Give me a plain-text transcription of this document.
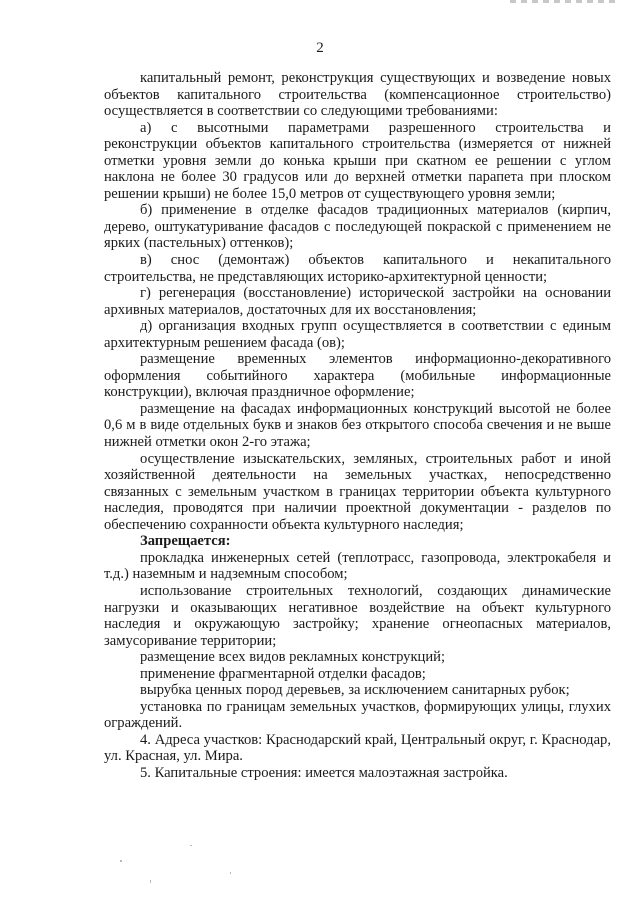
2

капитальный ремонт, реконструкция существующих и возведение новых объектов капитального строительства (компенсационное строительство) осуществляется в соответствии со следующими требованиями:

а) с высотными параметрами разрешенного строительства и реконструкции объектов капитального строительства (измеряется от нижней отметки уровня земли до конька крыши при скатном ее решении с углом наклона не более 30 градусов или до верхней отметки парапета при плоском решении крыши) не более 15,0 метров от существующего уровня земли;

б) применение в отделке фасадов традиционных материалов (кирпич, дерево, оштукатуривание фасадов с последующей покраской с применением не ярких (пастельных) оттенков);

в) снос (демонтаж) объектов капитального и некапитального строительства, не представляющих историко-архитектурной ценности;

г) регенерация (восстановление) исторической застройки на основании архивных материалов, достаточных для их восстановления;

д) организация входных групп осуществляется в соответствии с единым архитектурным решением фасада (ов);

размещение временных элементов информационно-декоративного оформления событийного характера (мобильные информационные конструкции), включая праздничное оформление;

размещение на фасадах информационных конструкций высотой не более 0,6 м в виде отдельных букв и знаков без открытого способа свечения и не выше нижней отметки окон 2-го этажа;

осуществление изыскательских, земляных, строительных работ и иной хозяйственной деятельности на земельных участках, непосредственно связанных с земельным участком в границах территории объекта культурного наследия, проводятся при наличии проектной документации - разделов по обеспечению сохранности объекта культурного наследия;

Запрещается:

прокладка инженерных сетей (теплотрасс, газопровода, электрокабеля и т.д.) наземным и надземным способом;

использование строительных технологий, создающих динамические нагрузки и оказывающих негативное воздействие на объект культурного наследия и окружающую застройку; хранение огнеопасных материалов, замусоривание территории;

размещение всех видов рекламных конструкций;

применение фрагментарной отделки фасадов;

вырубка ценных пород деревьев, за исключением санитарных рубок;

установка по границам земельных участков, формирующих улицы, глухих ограждений.

4. Адреса участков: Краснодарский край, Центральный округ, г. Краснодар, ул. Красная, ул. Мира.

5. Капитальные строения: имеется малоэтажная застройка.
